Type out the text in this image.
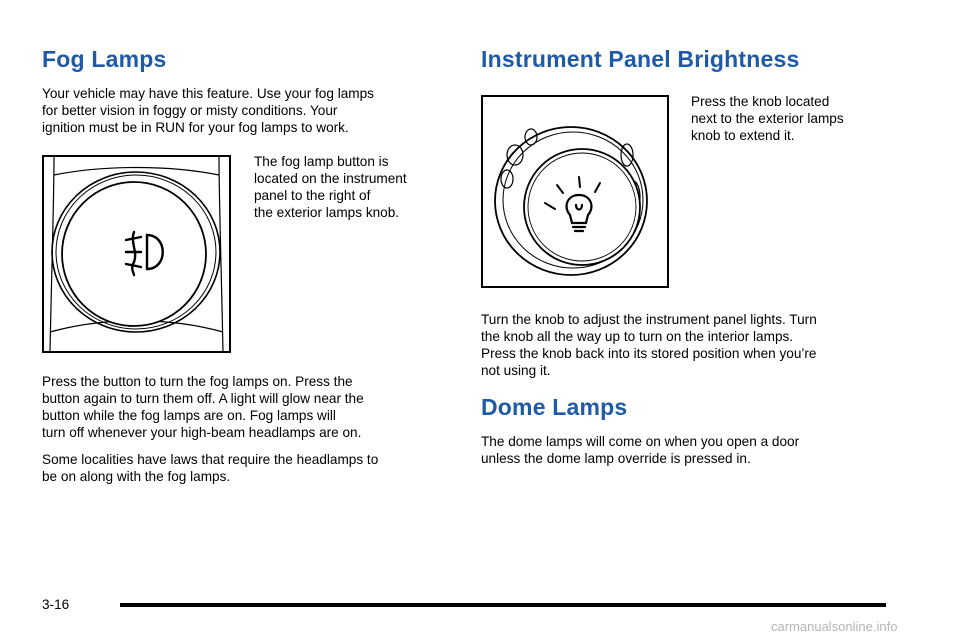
Fog Lamps

Your vehicle may have this feature. Use your fog lamps
for better vision in foggy or misty conditions. Your
ignition must be in RUN for your fog lamps to work.

The fog lamp button is
located on the instrument
panel to the right of
the exterior lamps knob.

Press the button to turn the fog lamps on. Press the
button again to turn them off. A light will glow near the
button while the fog lamps are on. Fog lamps will
turn off whenever your high-beam headlamps are on.

Some localities have laws that require the headlamps to
be on along with the fog lamps.

Instrument Panel Brightness

Press the knob located
next to the exterior lamps
knob to extend it.

Turn the knob to adjust the instrument panel lights. Turn
the knob all the way up to turn on the interior lamps.
Press the knob back into its stored position when you’re
not using it.

Dome Lamps

The dome lamps will come on when you open a door
unless the dome lamp override is pressed in.

3-16
carmanualsonline.info
